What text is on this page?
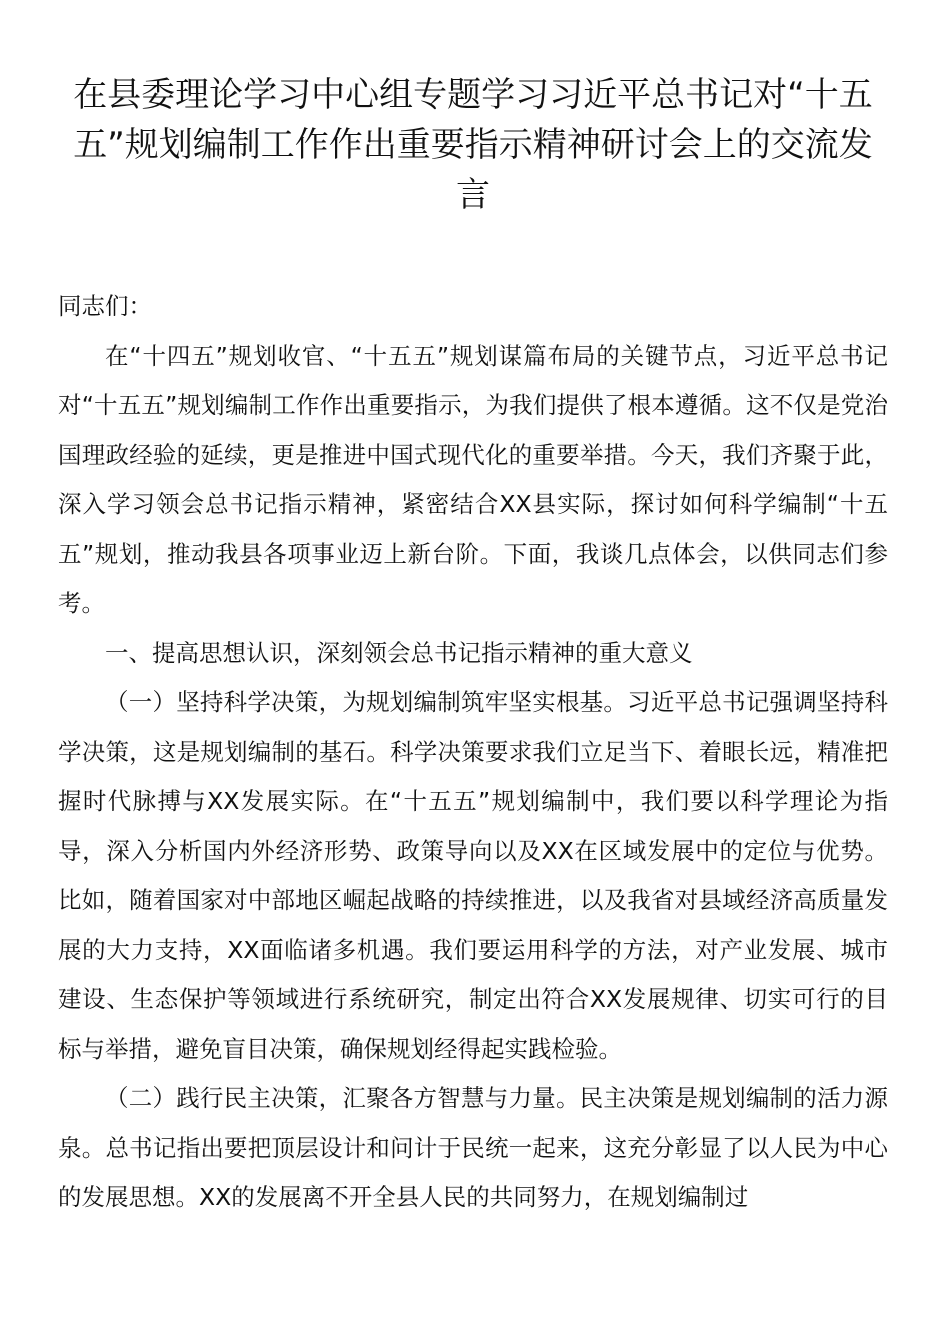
在县委理论学习中心组专题学习习近平总书记对“十五五”规划编制工作作出重要指示精神研讨会上的交流发言

同志们：

在“十四五”规划收官、“十五五”规划谋篇布局的关键节点，习近平总书记对“十五五”规划编制工作作出重要指示，为我们提供了根本遵循。这不仅是党治国理政经验的延续，更是推进中国式现代化的重要举措。今天，我们齐聚于此，深入学习领会总书记指示精神，紧密结合XX县实际，探讨如何科学编制“十五五”规划，推动我县各项事业迈上新台阶。下面，我谈几点体会，以供同志们参考。

一、提高思想认识，深刻领会总书记指示精神的重大意义

（一）坚持科学决策，为规划编制筑牢坚实根基。习近平总书记强调坚持科学决策，这是规划编制的基石。科学决策要求我们立足当下、着眼长远，精准把握时代脉搏与XX发展实际。在“十五五”规划编制中，我们要以科学理论为指导，深入分析国内外经济形势、政策导向以及XX在区域发展中的定位与优势。比如，随着国家对中部地区崛起战略的持续推进，以及我省对县域经济高质量发展的大力支持，XX面临诸多机遇。我们要运用科学的方法，对产业发展、城市建设、生态保护等领域进行系统研究，制定出符合XX发展规律、切实可行的目标与举措，避免盲目决策，确保规划经得起实践检验。

（二）践行民主决策，汇聚各方智慧与力量。民主决策是规划编制的活力源泉。总书记指出要把顶层设计和问计于民统一起来，这充分彰显了以人民为中心的发展思想。XX的发展离不开全县人民的共同努力，在规划编制过
